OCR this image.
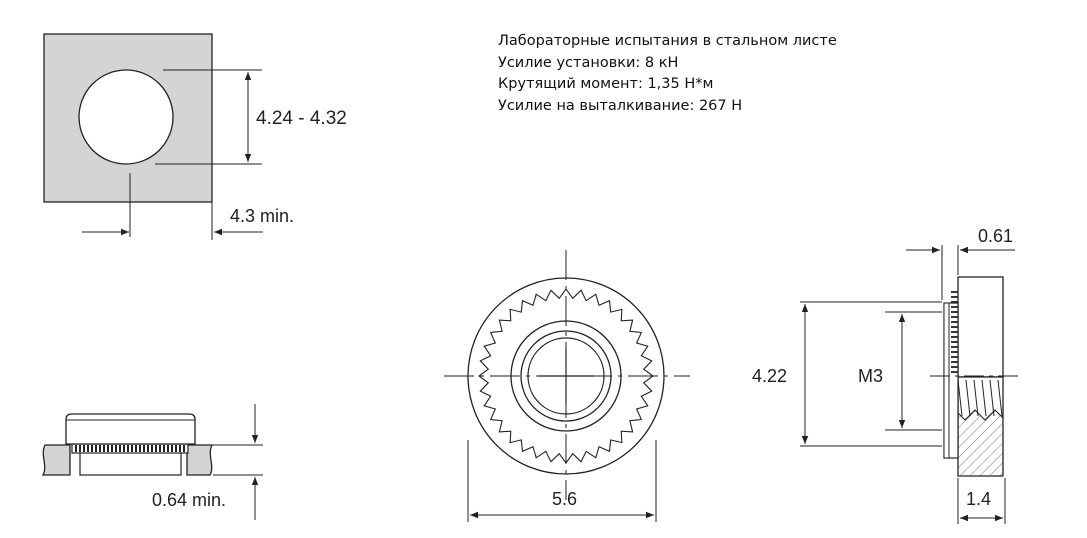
Лабораторные испытания в стальном листе
Усилие установки: 8 кН
Крутящий момент: 1,35 Н*м
Усилие на выталкивание: 267 Н
4.24 - 4.32
4.3 min.
0.64 min.	5.6
0.61
4.22	M3
1.4
